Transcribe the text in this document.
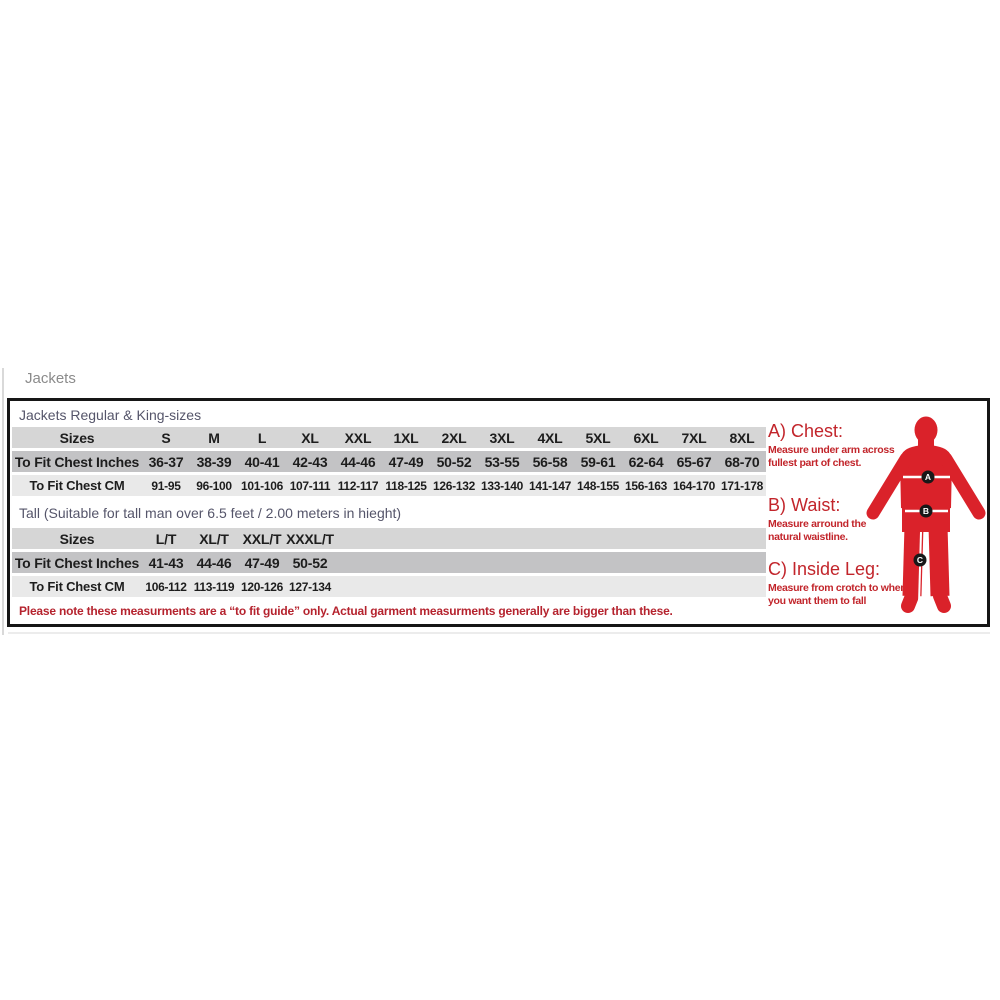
Jackets
Jackets Regular & King-sizes
Sizes	S	M	L	XL	XXL	1XL	2XL	3XL	4XL	5XL	6XL	7XL	8XL
To Fit Chest Inches	36-37	38-39	40-41	42-43	44-46	47-49	50-52	53-55	56-58	59-61	62-64	65-67	68-70
To Fit Chest CM	91-95	96-100	101-106	107-111	112-117	118-125	126-132	133-140	141-147	148-155	156-163	164-170	171-178
Tall (Suitable for tall man over 6.5 feet / 2.00 meters in hieght)
Sizes	L/T	XL/T	XXL/T	XXXL/T									
To Fit Chest Inches	41-43	44-46	47-49	50-52									
To Fit Chest CM	106-112	113-119	120-126	127-134									
Please note these measurments are a “to fit guide” only. Actual garment measurments generally are bigger than these.
A) Chest:
Measure under arm across
fullest part of chest.
B) Waist:
Measure arround the
natural waistline.
C) Inside Leg:
Measure from crotch to where
you want them to fall
A
B
C
